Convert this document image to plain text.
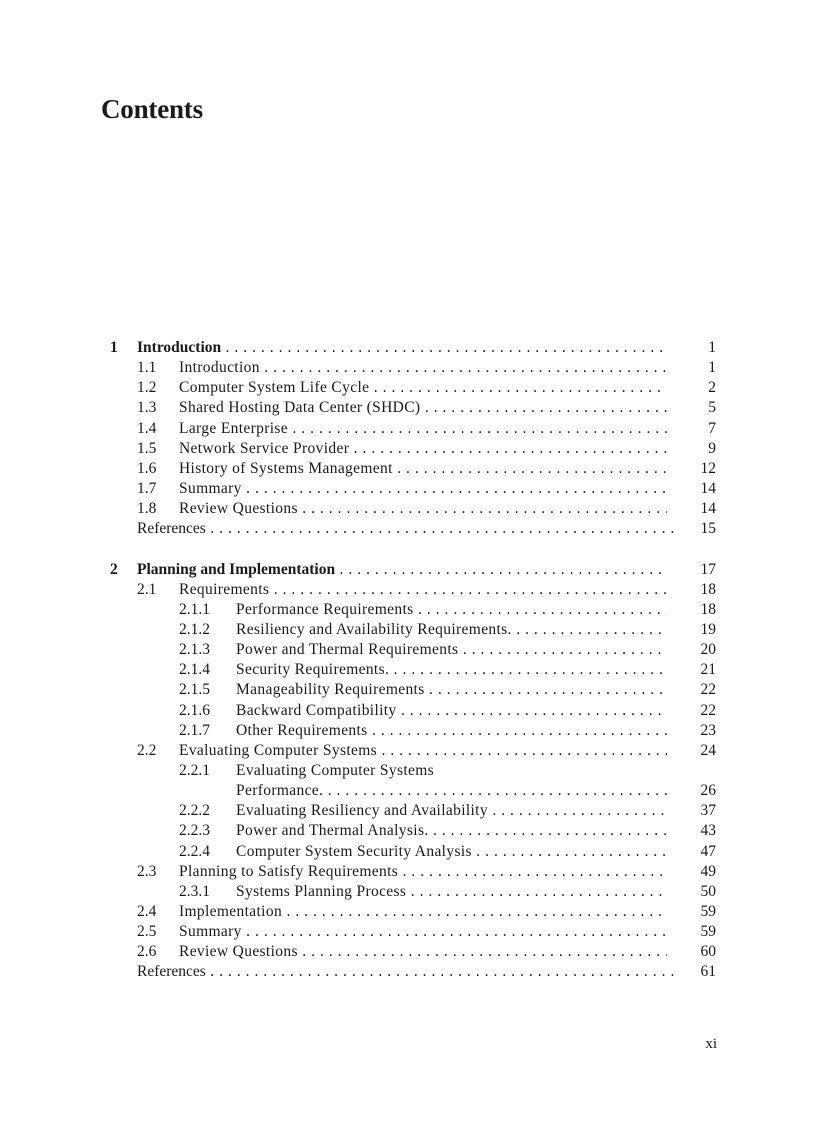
Contents
1 Introduction . . .	1
1.1 Introduction . . .	1
1.2 Computer System Life Cycle . . .	2
1.3 Shared Hosting Data Center (SHDC) . . .	5
1.4 Large Enterprise . . .	7
1.5 Network Service Provider . . .	9
1.6 History of Systems Management . . .	12
1.7 Summary . . .	14
1.8 Review Questions . . .	14
References . . .	15
2 Planning and Implementation . . .	17
2.1 Requirements . . .	18
2.1.1 Performance Requirements . . .	18
2.1.2 Resiliency and Availability Requirements. . . .	19
2.1.3 Power and Thermal Requirements . . .	20
2.1.4 Security Requirements. . . .	21
2.1.5 Manageability Requirements . . .	22
2.1.6 Backward Compatibility . . .	22
2.1.7 Other Requirements . . .	23
2.2 Evaluating Computer Systems . . .	24
2.2.1 Evaluating Computer Systems
Performance. . . .	26
2.2.2 Evaluating Resiliency and Availability . . .	37
2.2.3 Power and Thermal Analysis. . . .	43
2.2.4 Computer System Security Analysis . . .	47
2.3 Planning to Satisfy Requirements . . .	49
2.3.1 Systems Planning Process . . .	50
2.4 Implementation . . .	59
2.5 Summary . . .	59
2.6 Review Questions . . .	60
References . . .	61
xi
